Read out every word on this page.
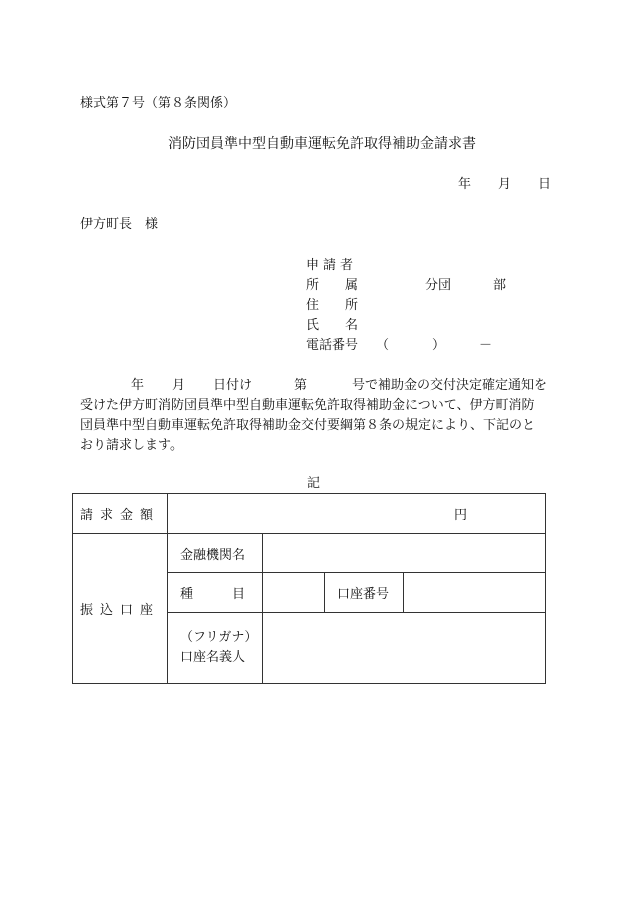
様式第７号（第８条関係）
消防団員準中型自動車運転免許取得補助金請求書
年 月 日
伊方町長　様
申請者
所　　属	分団	部
住　　所
氏　　名
電話番号 （	）	－
年 月 日付け	第	号で補助金の交付決定確定通知を
受けた伊方町消防団員準中型自動車運転免許取得補助金について、伊方町消防
団員準中型自動車運転免許取得補助金交付要綱第８条の規定により、下記のと
おり請求します。
記
請求金額	円			
振込口座	金融機関名			
	種　　　目		口座番号	

	（フリガナ）
口座名義人			
